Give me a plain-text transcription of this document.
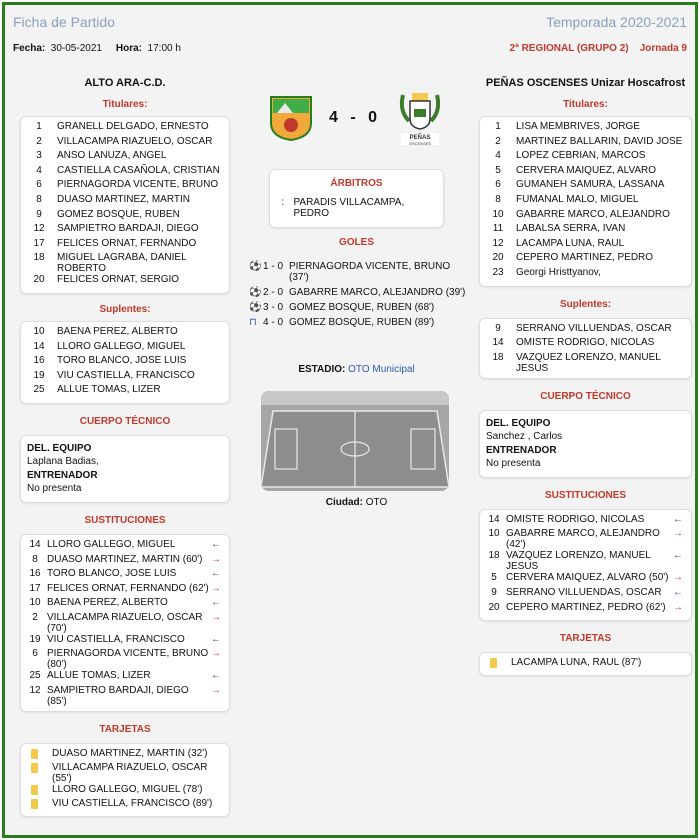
Ficha de Partido	Temporada 2020-2021
Fecha: 30-05-2021 Hora: 17:00 h	2ª REGIONAL (GRUPO 2) Jornada 9
ALTO ARA-C.D.
Titulares:
1	GRANELL DELGADO, ERNESTO
2	VILLACAMPA RIAZUELO, OSCAR
3	ANSO LANUZA, ANGEL
4	CASTIELLA CASAÑOLA, CRISTIAN
6	PIERNAGORDA VICENTE, BRUNO
8	DUASO MARTINEZ, MARTIN
9	GOMEZ BOSQUE, RUBEN
12	SAMPIETRO BARDAJI, DIEGO
17	FELICES ORNAT, FERNANDO
18	MIGUEL LAGRABA, DANIEL ROBERTO
20	FELICES ORNAT, SERGIO
Suplentes:
10	BAENA PEREZ, ALBERTO
14	LLORO GALLEGO, MIGUEL
16	TORO BLANCO, JOSE LUIS
19	VIU CASTIELLA, FRANCISCO
25	ALLUE TOMAS, LIZER
CUERPO TÉCNICO
DEL. EQUIPO
Laplana Badias,
ENTRENADOR
No presenta
SUSTITUCIONES
14 LLORO GALLEGO, MIGUEL	←
8 DUASO MARTINEZ, MARTIN (60') →
16 TORO BLANCO, JOSE LUIS	←
17 FELICES ORNAT, FERNANDO (62') →
10 BAENA PEREZ, ALBERTO	←
2 VILLACAMPA RIAZUELO, OSCAR (70')
→
19 VIU CASTIELLA, FRANCISCO	←
6 PIERNAGORDA VICENTE, BRUNO (80')
→
25 ALLUE TOMAS, LIZER	←
12 SAMPIETRO BARDAJI, DIEGO (85')
→
TARJETAS
DUASO MARTINEZ, MARTIN (32')
VILLACAMPA RIAZUELO, OSCAR (55')
LLORO GALLEGO, MIGUEL (78')
VIU CASTIELLA, FRANCISCO (89')
4 - 0
PEÑAS
OSCENSES
ÁRBITROS
: PARADIS VILLACAMPA, PEDRO
GOLES
⚽ 1 - 0 PIERNAGORDA VICENTE, BRUNO (37')
⚽ 2 - 0 GABARRE MARCO, ALEJANDRO (39')
⚽ 3 - 0 GOMEZ BOSQUE, RUBEN (68')
⊓ 4 - 0 GOMEZ BOSQUE, RUBEN (89')
ESTADIO: OTO Municipal
Ciudad: OTO
PEÑAS OSCENSES Unizar Hoscafrost
Titulares:
1	LISA MEMBRIVES, JORGE
2	MARTINEZ BALLARIN, DAVID JOSE
4	LOPEZ CEBRIAN, MARCOS
5	CERVERA MAIQUEZ, ALVARO
6	GUMANEH SAMURA, LASSANA
8	FUMANAL MALO, MIGUEL
10	GABARRE MARCO, ALEJANDRO
11	LABALSA SERRA, IVAN
12	LACAMPA LUNA, RAUL
20	CEPERO MARTINEZ, PEDRO
23	Georgi Hristtyanov,
Suplentes:
9	SERRANO VILLUENDAS, OSCAR
14	OMISTE RODRIGO, NICOLAS
18	VAZQUEZ LORENZO, MANUEL JESUS
CUERPO TÉCNICO
DEL. EQUIPO
Sanchez , Carlos
ENTRENADOR
No presenta
SUSTITUCIONES
14 OMISTE RODRIGO, NICOLAS	←
10 GABARRE MARCO, ALEJANDRO (42')
→
18 VAZQUEZ LORENZO, MANUEL JESUS
←
5 CERVERA MAIQUEZ, ALVARO (50') →
9 SERRANO VILLUENDAS, OSCAR	←
20 CEPERO MARTINEZ, PEDRO (62') →
TARJETAS
LACAMPA LUNA, RAUL (87')
